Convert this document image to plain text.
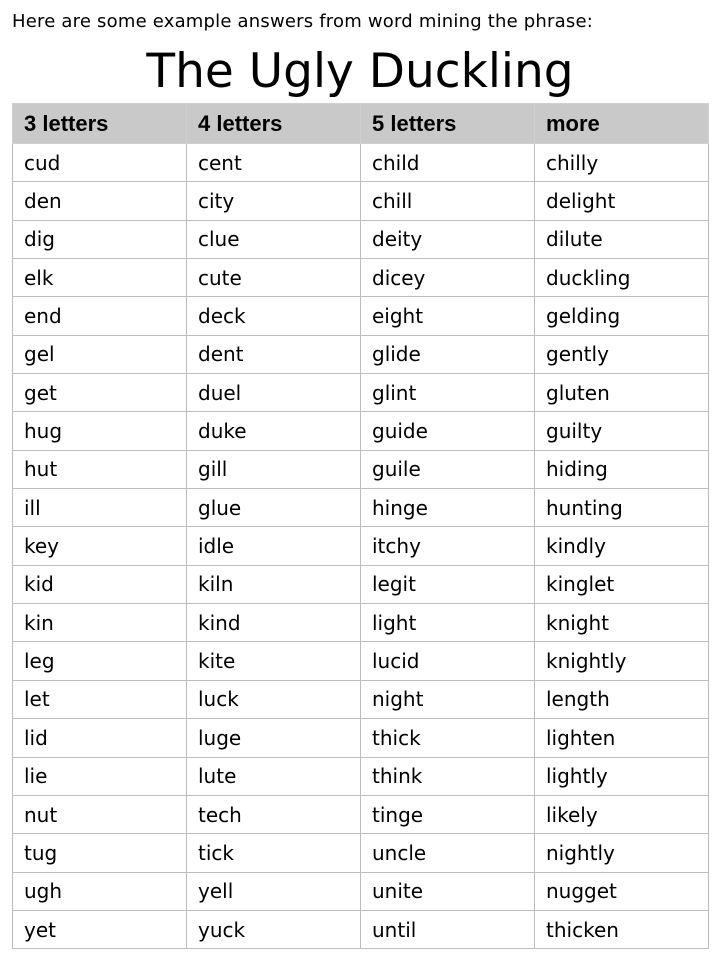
Here are some example answers from word mining the phrase:
The Ugly Duckling
3 letters	4 letters	5 letters	more
cud	cent	child	chilly
den	city	chill	delight
dig	clue	deity	dilute
elk	cute	dicey	duckling
end	deck	eight	gelding
gel	dent	glide	gently
get	duel	glint	gluten
hug	duke	guide	guilty
hut	gill	guile	hiding
ill	glue	hinge	hunting
key	idle	itchy	kindly
kid	kiln	legit	kinglet
kin	kind	light	knight
leg	kite	lucid	knightly
let	luck	night	length
lid	luge	thick	lighten
lie	lute	think	lightly
nut	tech	tinge	likely
tug	tick	uncle	nightly
ugh	yell	unite	nugget
yet	yuck	until	thicken
